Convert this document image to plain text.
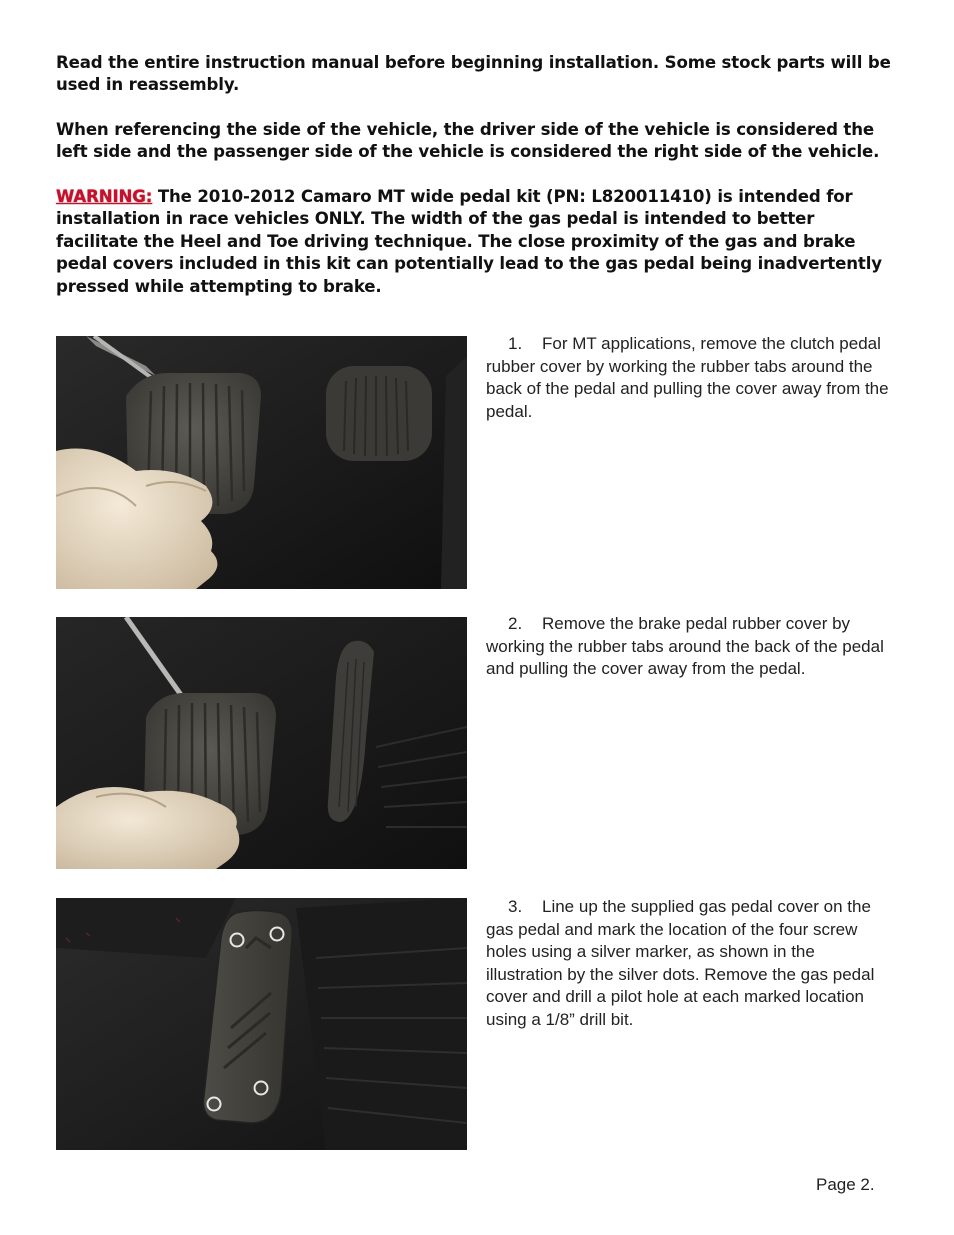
Read the entire instruction manual before beginning installation. Some stock parts will be used in reassembly.

When referencing the side of the vehicle, the driver side of the vehicle is considered the left side and the passenger side of the vehicle is considered the right side of the vehicle.

WARNING: The 2010-2012 Camaro MT wide pedal kit (PN: L820011410) is intended for installation in race vehicles ONLY. The width of the gas pedal is intended to better facilitate the Heel and Toe driving technique. The close proximity of the gas and brake pedal covers included in this kit can potentially lead to the gas pedal being inadvertently pressed while attempting to brake.

1. For MT applications, remove the clutch pedal rubber cover by working the rubber tabs around the back of the pedal and pulling the cover away from the pedal.

2. Remove the brake pedal rubber cover by working the rubber tabs around the back of the pedal and pulling the cover away from the pedal.

3. Line up the supplied gas pedal cover on the gas pedal and mark the location of the four screw holes using a silver marker, as shown in the illustration by the silver dots. Remove the gas pedal cover and drill a pilot hole at each marked location using a 1/8” drill bit.

Page 2.
